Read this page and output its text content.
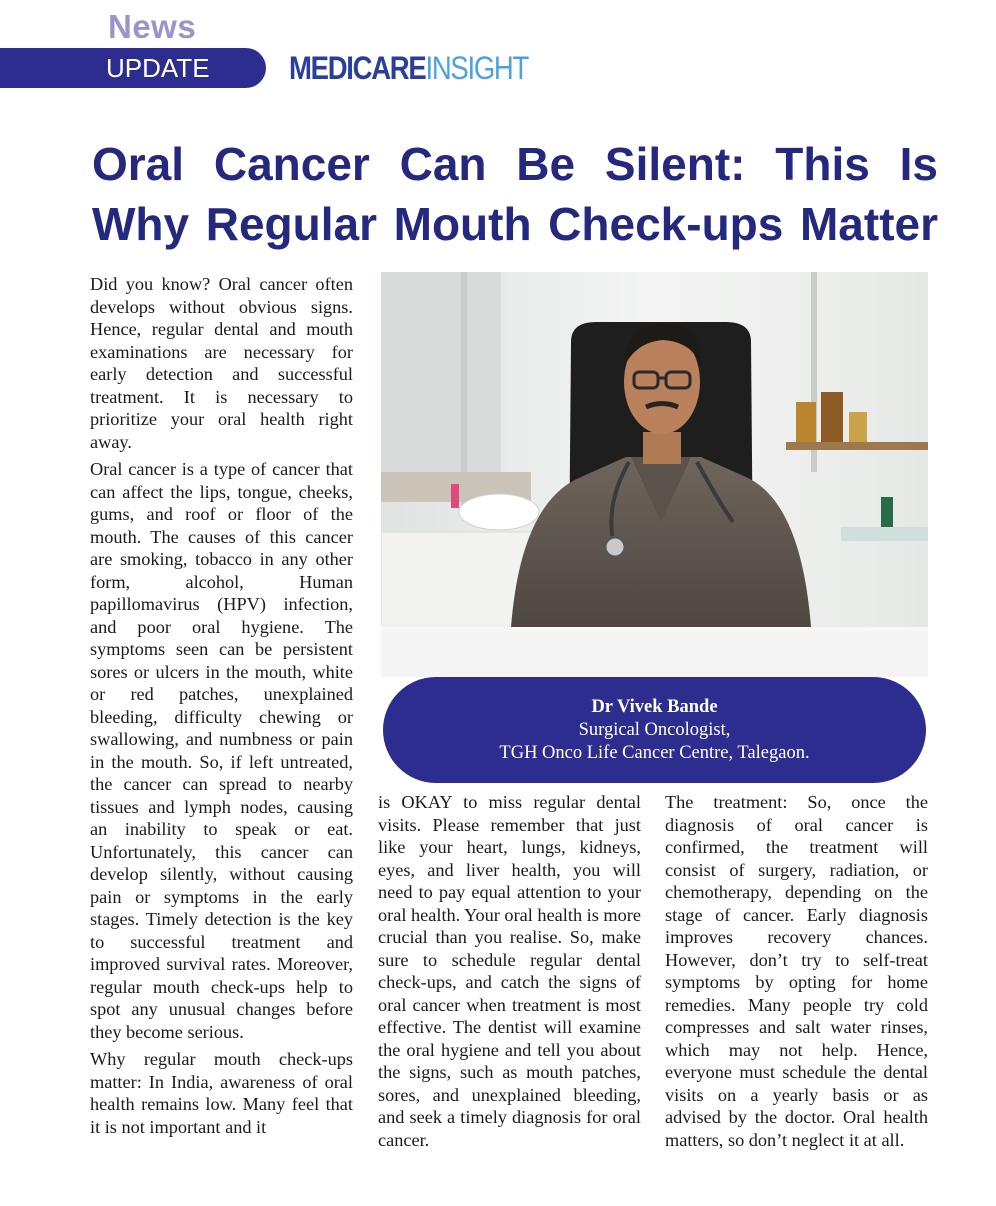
News
UPDATE MEDICAREINSIGHT
Oral Cancer Can Be Silent: This Is Why Regular Mouth Check-ups Matter

Did you know? Oral cancer often develops without obvious signs. Hence, regular dental and mouth examinations are necessary for early detection and successful treatment. It is necessary to prioritize your oral health right away.

Oral cancer is a type of cancer that can affect the lips, tongue, cheeks, gums, and roof or floor of the mouth. The causes of this cancer are smoking, tobacco in any other form, alcohol, Human papillomavirus (HPV) infection, and poor oral hygiene. The symptoms seen can be persistent sores or ulcers in the mouth, white or red patches, unexplained bleeding, difficulty chewing or swallowing, and numbness or pain in the mouth. So, if left untreated, the cancer can spread to nearby tissues and lymph nodes, causing an inability to speak or eat. Unfortunately, this cancer can develop silently, without causing pain or symptoms in the early stages. Timely detection is the key to successful treatment and improved survival rates. Moreover, regular mouth check-ups help to spot any unusual changes before they become serious.

Why regular mouth check-ups matter: In India, awareness of oral health remains low. Many feel that it is not important and it

Dr Vivek Bande
Surgical Oncologist,
TGH Onco Life Cancer Centre, Talegaon.

is OKAY to miss regular dental visits. Please remember that just like your heart, lungs, kidneys, eyes, and liver health, you will need to pay equal attention to your oral health. Your oral health is more crucial than you realise. So, make sure to schedule regular dental check-ups, and catch the signs of oral cancer when treatment is most effective. The dentist will examine the oral hygiene and tell you about the signs, such as mouth patches, sores, and unexplained bleeding, and seek a timely diagnosis for oral cancer.

The treatment: So, once the diagnosis of oral cancer is confirmed, the treatment will consist of surgery, radiation, or chemotherapy, depending on the stage of cancer. Early diagnosis improves recovery chances. However, don’t try to self-treat symptoms by opting for home remedies. Many people try cold compresses and salt water rinses, which may not help. Hence, everyone must schedule the dental visits on a yearly basis or as advised by the doctor. Oral health matters, so don’t neglect it at all.
